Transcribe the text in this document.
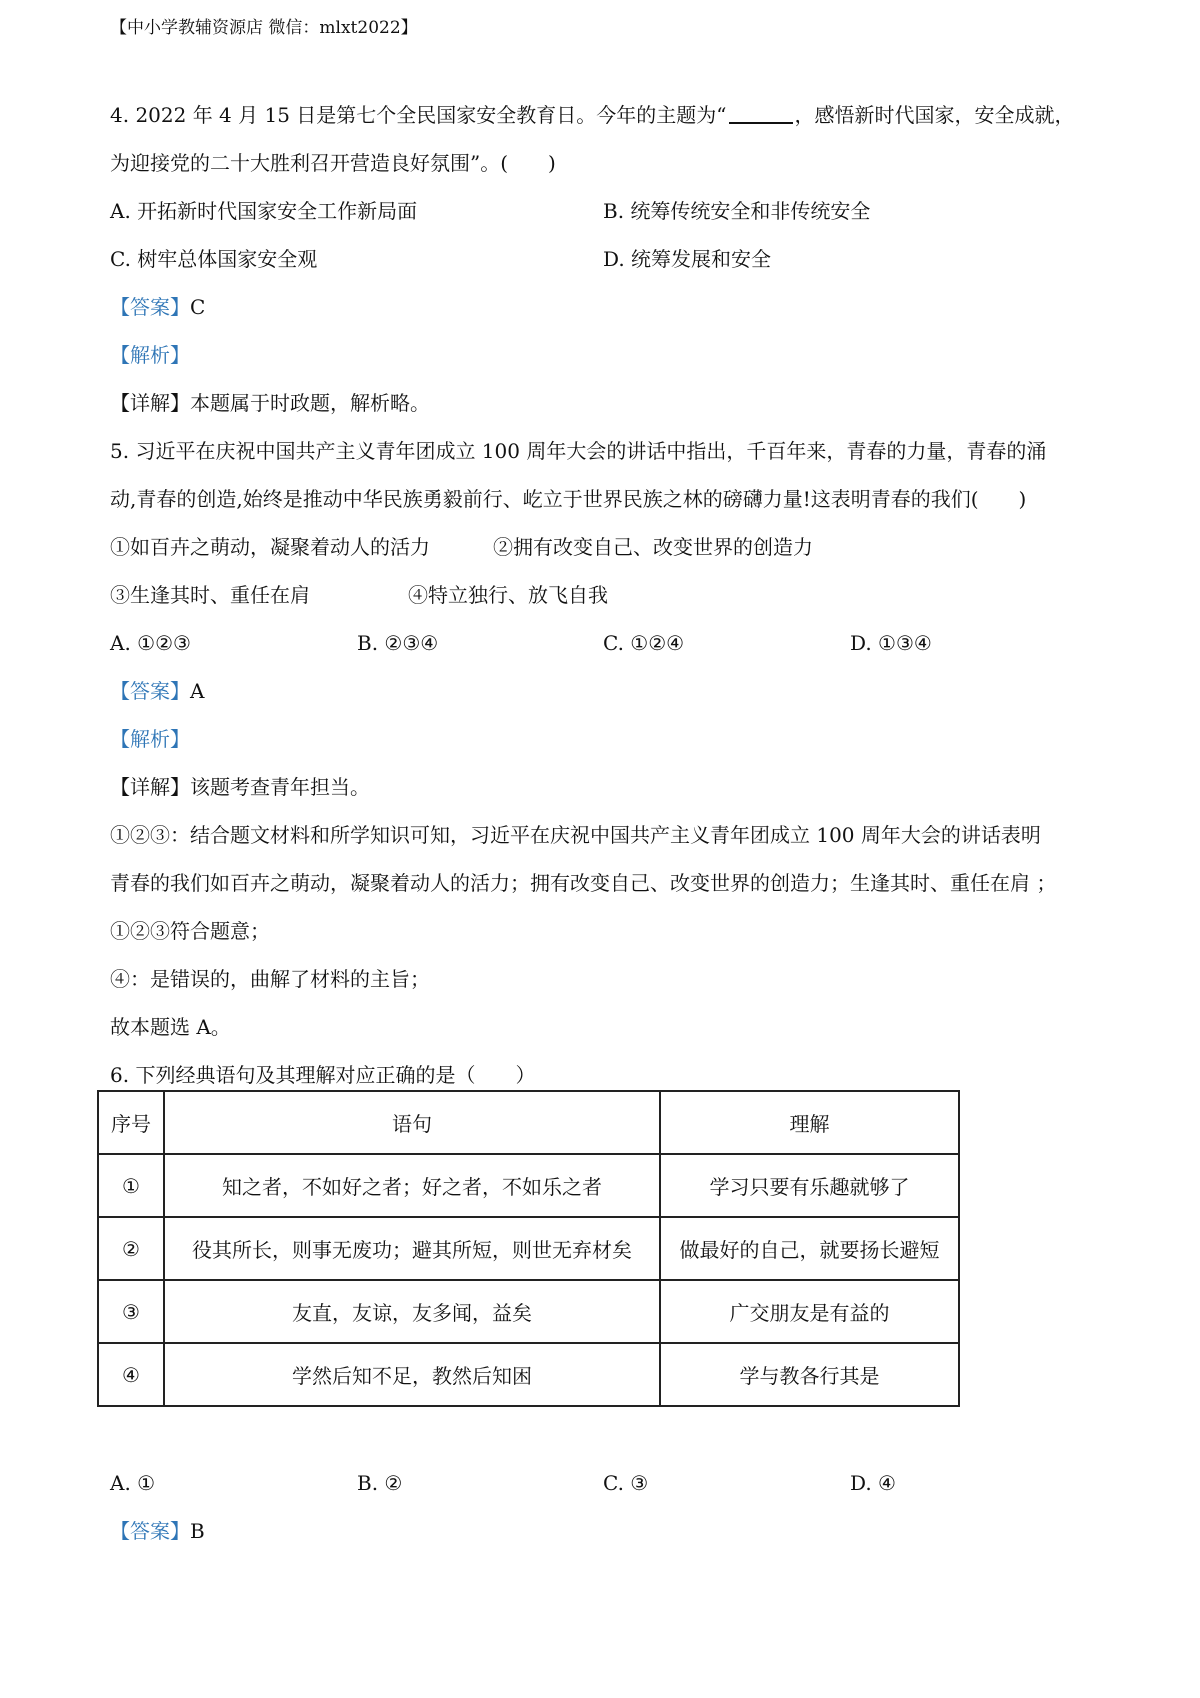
【中小学教辅资源店 微信：mlxt2022】
4. 2022 年 4 月 15 日是第七个全民国家安全教育日。今年的主题为“	，感悟新时代国家，安全成就，
为迎接党的二十大胜利召开营造良好氛围”。(　　)
A. 开拓新时代国家安全工作新局面	B. 统筹传统安全和非传统安全
C. 树牢总体国家安全观	D. 统筹发展和安全
【答案】C
【解析】
【详解】本题属于时政题，解析略。
5. 习近平在庆祝中国共产主义青年团成立 100 周年大会的讲话中指出，千百年来，青春的力量，青春的涌
动,青春的创造,始终是推动中华民族勇毅前行、屹立于世界民族之林的磅礴力量!这表明青春的我们(　　)
①如百卉之萌动，凝聚着动人的活力	②拥有改变自己、改变世界的创造力
③生逢其时、重任在肩	④特立独行、放飞自我
A. ①②③	B. ②③④	C. ①②④	D. ①③④
【答案】A
【解析】
【详解】该题考查青年担当。
①②③：结合题文材料和所学知识可知，习近平在庆祝中国共产主义青年团成立 100 周年大会的讲话表明
青春的我们如百卉之萌动，凝聚着动人的活力；拥有改变自己、改变世界的创造力；生逢其时、重任在肩 ；
①②③符合题意；
④：是错误的，曲解了材料的主旨；
故本题选 A。
6. 下列经典语句及其理解对应正确的是（　　）
序号	语句	理解
①	知之者，不如好之者；好之者，不如乐之者	学习只要有乐趣就够了
②	役其所长，则事无废功；避其所短，则世无弃材矣	做最好的自己，就要扬长避短
③	友直，友谅，友多闻，益矣	广交朋友是有益的
④	学然后知不足，教然后知困	学与教各行其是
A. ①	B. ②	C. ③	D. ④
【答案】B
